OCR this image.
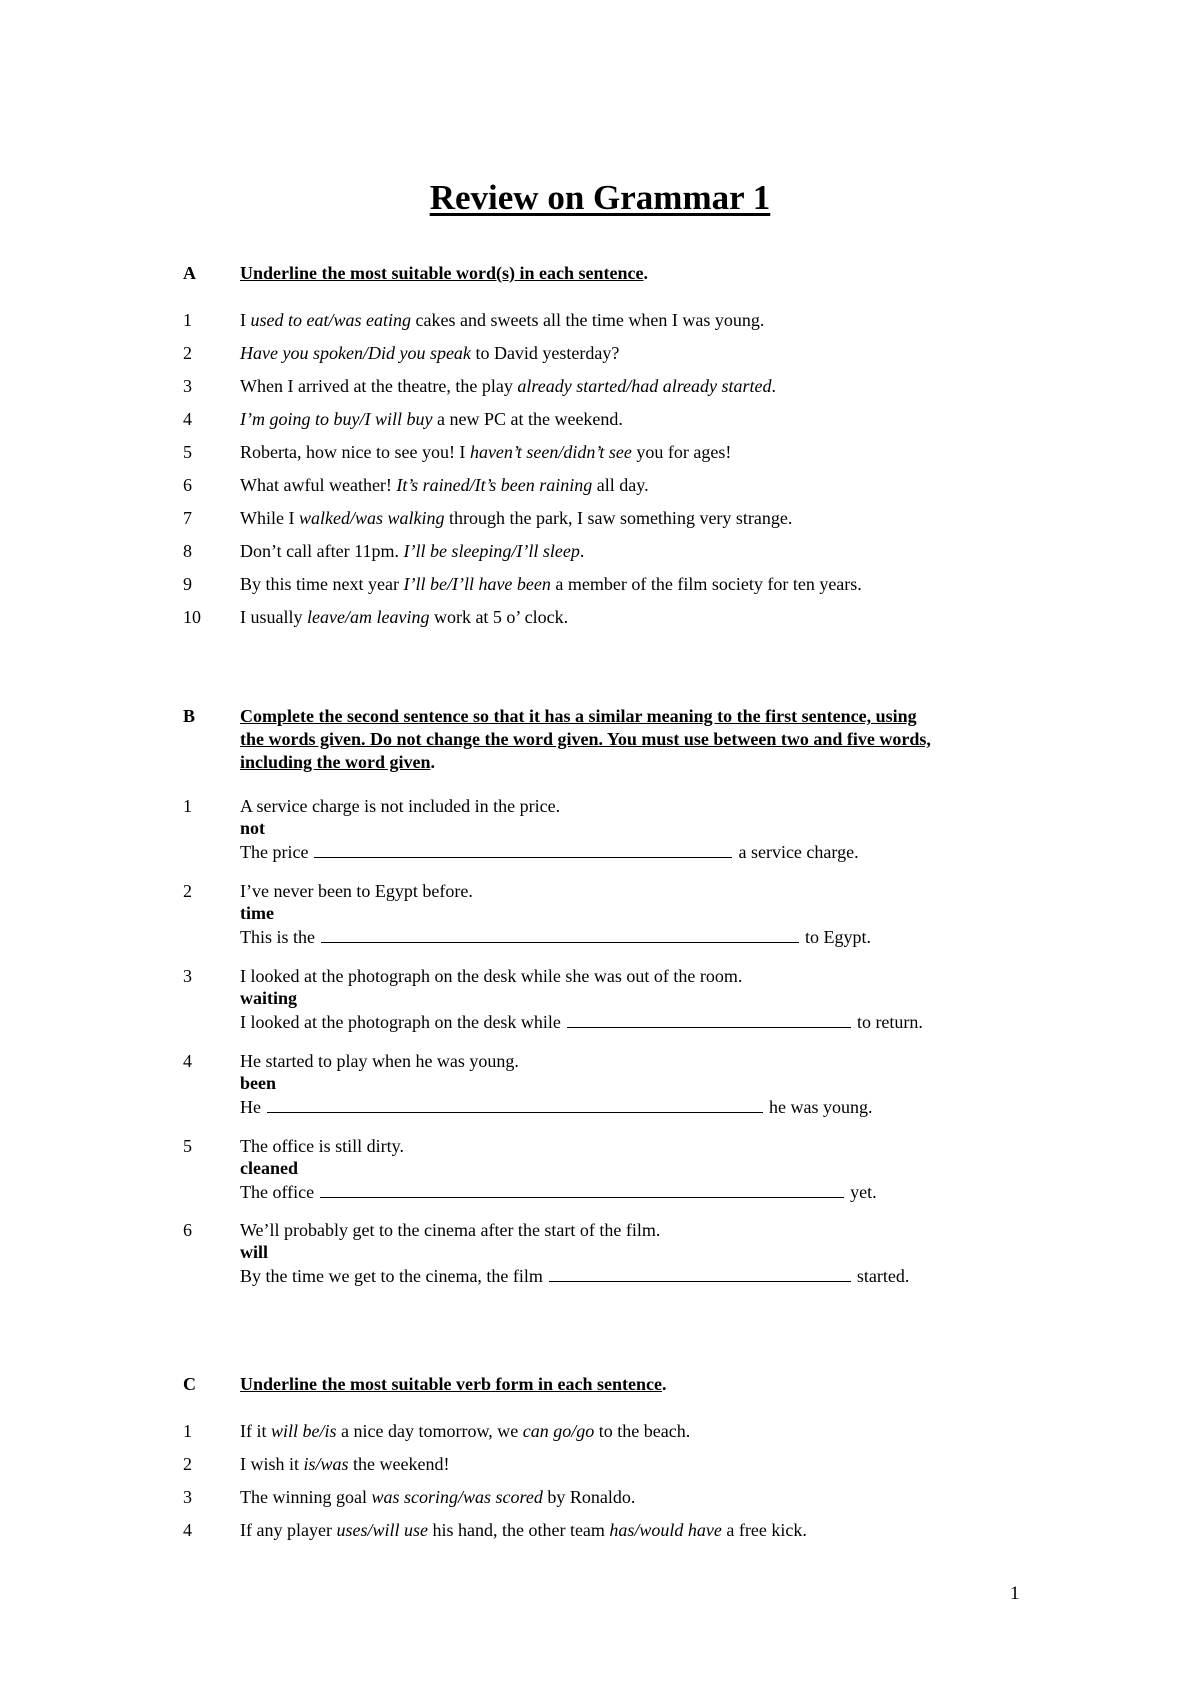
Review on Grammar 1
A Underline the most suitable word(s) in each sentence.
1	I used to eat/was eating cakes and sweets all the time when I was young.
2	Have you spoken/Did you speak to David yesterday?
3	When I arrived at the theatre, the play already started/had already started.
4	I’m going to buy/I will buy a new PC at the weekend.
5	Roberta, how nice to see you! I haven’t seen/didn’t see you for ages!
6	What awful weather! It’s rained/It’s been raining all day.
7	While I walked/was walking through the park, I saw something very strange.
8	Don’t call after 11pm. I’ll be sleeping/I’ll sleep.
9	By this time next year I’ll be/I’ll have been a member of the film society for ten years.
10 I usually leave/am leaving work at 5 o’ clock.
B Complete the second sentence so that it has a similar meaning to the first sentence, using
the words given. Do not change the word given. You must use between two and five words,
including the word given.
1	A service charge is not included in the price.
not
The price	a service charge.
2	I’ve never been to Egypt before.
time
This is the	to Egypt.
3	I looked at the photograph on the desk while she was out of the room.
waiting
I looked at the photograph on the desk while	to return.
4	He started to play when he was young.
been
He	he was young.
5	The office is still dirty.
cleaned
The office	yet.
6	We’ll probably get to the cinema after the start of the film.
will
By the time we get to the cinema, the film	started.
C Underline the most suitable verb form in each sentence.
1	If it will be/is a nice day tomorrow, we can go/go to the beach.
2	I wish it is/was the weekend!
3	The winning goal was scoring/was scored by Ronaldo.
4	If any player uses/will use his hand, the other team has/would have a free kick.
1
